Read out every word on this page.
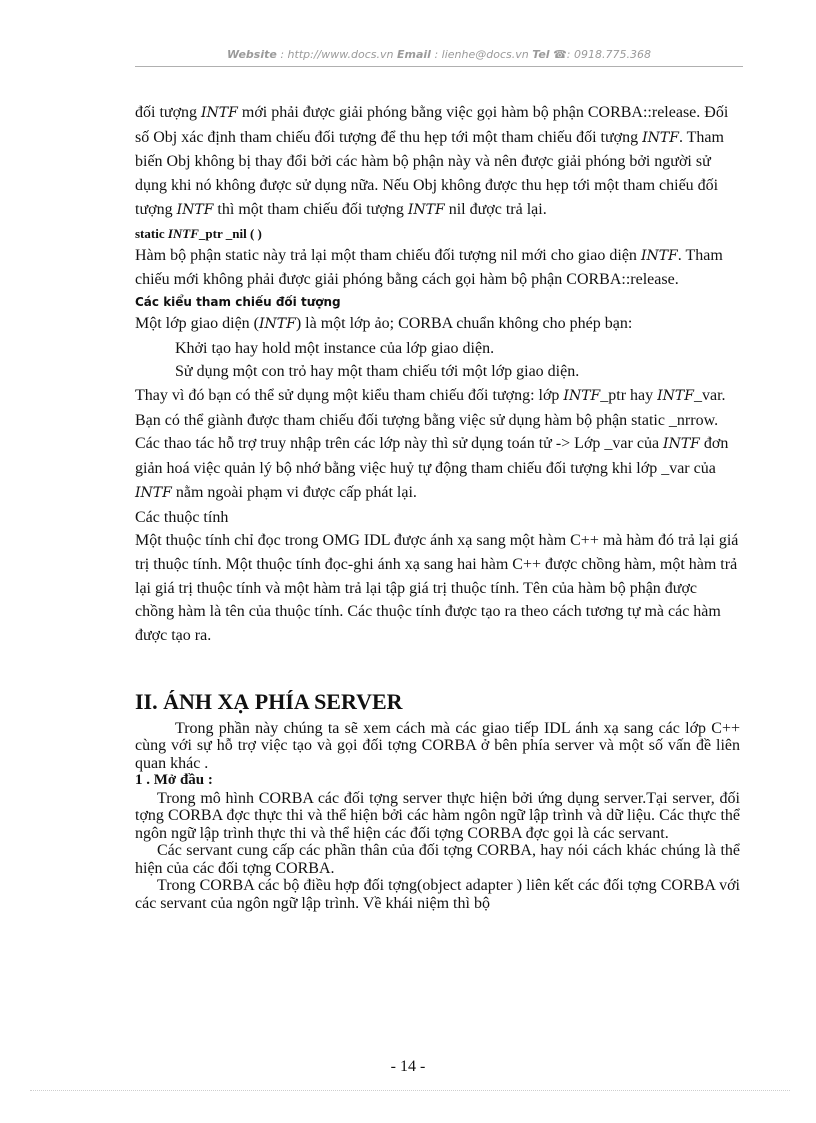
Website : http://www.docs.vn Email : lienhe@docs.vn Tel ☎: 0918.775.368

đối tượng INTF mới phải được giải phóng bằng việc gọi hàm bộ phận CORBA::release. Đối số Obj xác định tham chiếu đối tượng để thu hẹp tới một tham chiếu đối tượng INTF. Tham biến Obj không bị thay đổi bởi các hàm bộ phận này và nên được giải phóng bởi người sử dụng khi nó không được sử dụng nữa. Nếu Obj không được thu hẹp tới một tham chiếu đối tượng INTF thì một tham chiếu đối tượng INTF nil được trả lại.

static INTF_ptr _nil ( )

Hàm bộ phận static này trả lại một tham chiếu đối tượng nil mới cho giao diện INTF. Tham chiếu mới không phải được giải phóng bằng cách gọi hàm bộ phận CORBA::release.

Các kiểu tham chiếu đối tượng

Một lớp giao diện (INTF) là một lớp ảo; CORBA chuẩn không cho phép bạn:

Khởi tạo hay hold một instance của lớp giao diện.

Sử dụng một con trỏ hay một tham chiếu tới một lớp giao diện.

Thay vì đó bạn có thể sử dụng một kiểu tham chiếu đối tượng: lớp INTF_ptr hay INTF_var.

Bạn có thể giành được tham chiếu đối tượng bằng việc sử dụng hàm bộ phận static _nrrow. Các thao tác hỗ trợ truy nhập trên các lớp này thì sử dụng toán tử -> Lớp _var của INTF đơn giản hoá việc quản lý bộ nhớ bằng việc huỷ tự động tham chiếu đối tượng khi lớp _var của INTF nằm ngoài phạm vi được cấp phát lại.

Các thuộc tính

Một thuộc tính chỉ đọc trong OMG IDL được ánh xạ sang một hàm C++ mà hàm đó trả lại giá trị thuộc tính. Một thuộc tính đọc-ghi ánh xạ sang hai hàm C++ được chồng hàm, một hàm trả lại giá trị thuộc tính và một hàm trả lại tập giá trị thuộc tính. Tên của hàm bộ phận được chồng hàm là tên của thuộc tính. Các thuộc tính được tạo ra theo cách tương tự mà các hàm được tạo ra.

II. ÁNH XẠ PHÍA SERVER

Trong phần này chúng ta sẽ xem cách mà các giao tiếp IDL ánh xạ sang các lớp C++ cùng với sự hỗ trợ việc tạo và gọi đối tợng CORBA ở bên phía server và một số vấn đề liên quan khác .

1 . Mở đầu :

Trong mô hình CORBA các đối tợng server thực hiện bởi ứng dụng server.Tại server, đối tợng CORBA đợc thực thi và thể hiện bởi các hàm ngôn ngữ lập trình và dữ liệu. Các thực thể ngôn ngữ lập trình thực thi và thể hiện các đối tợng CORBA đợc gọi là các servant.

Các servant cung cấp các phần thân của đối tợng CORBA, hay nói cách khác chúng là thể hiện của các đối tợng CORBA.

Trong CORBA các bộ điều hợp đối tợng(object adapter ) liên kết các đối tợng CORBA với các servant của ngôn ngữ lập trình. Về khái niệm thì bộ

- 14 -
